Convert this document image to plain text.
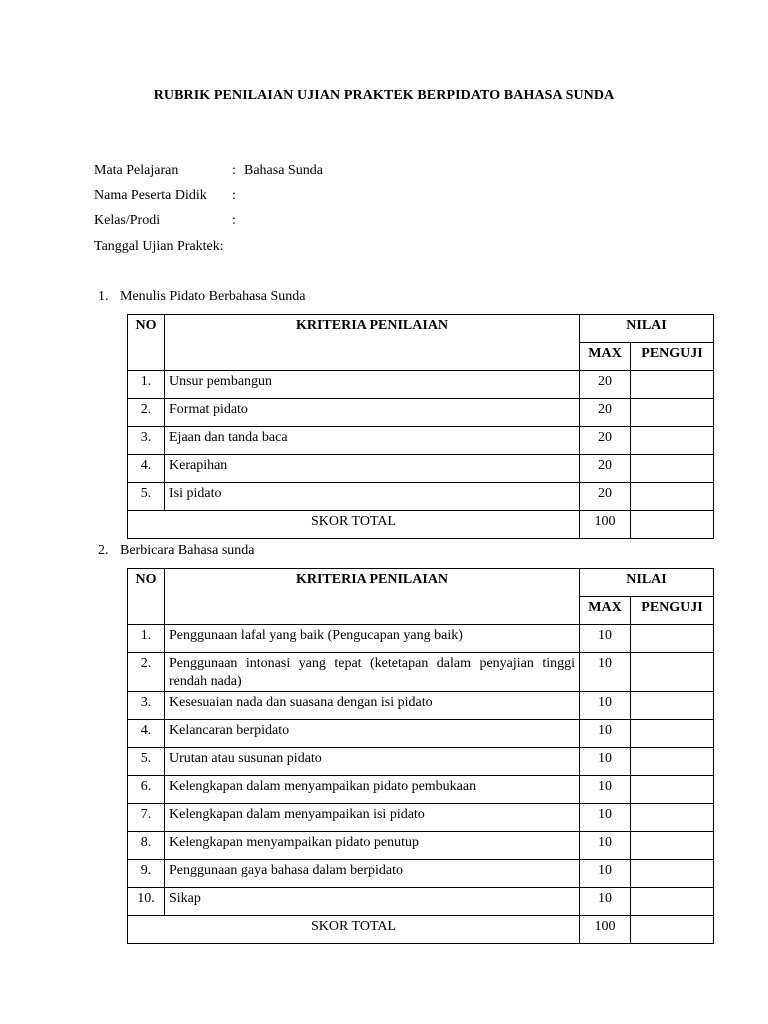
RUBRIK PENILAIAN UJIAN PRAKTEK BERPIDATO BAHASA SUNDA
Mata Pelajaran	: Bahasa Sunda
Nama Peserta Didik :
Kelas/Prodi	:
Tanggal Ujian Praktek:
1. Menulis Pidato Berbahasa Sunda
NO	KRITERIA PENILAIAN	NILAI	
		MAX	PENGUJI
1.	Unsur pembangun	20	
2.	Format pidato	20	
3.	Ejaan dan tanda baca	20	
4.	Kerapihan	20	
5.	Isi pidato	20	
SKOR TOTAL		100	
2. Berbicara Bahasa sunda
NO	KRITERIA PENILAIAN	NILAI	
		MAX	PENGUJI
1.	Penggunaan lafal yang baik (Pengucapan yang baik)	10	
2.	Penggunaan intonasi yang tepat (ketetapan dalam penyajian tinggi rendah nada)	10	
3.	Kesesuaian nada dan suasana dengan isi pidato	10	
4.	Kelancaran berpidato	10	
5.	Urutan atau susunan pidato	10	
6.	Kelengkapan dalam menyampaikan pidato pembukaan	10	
7.	Kelengkapan dalam menyampaikan isi pidato	10	
8.	Kelengkapan menyampaikan pidato penutup	10	
9.	Penggunaan gaya bahasa dalam berpidato	10	
10.	Sikap	10	
SKOR TOTAL		100	
